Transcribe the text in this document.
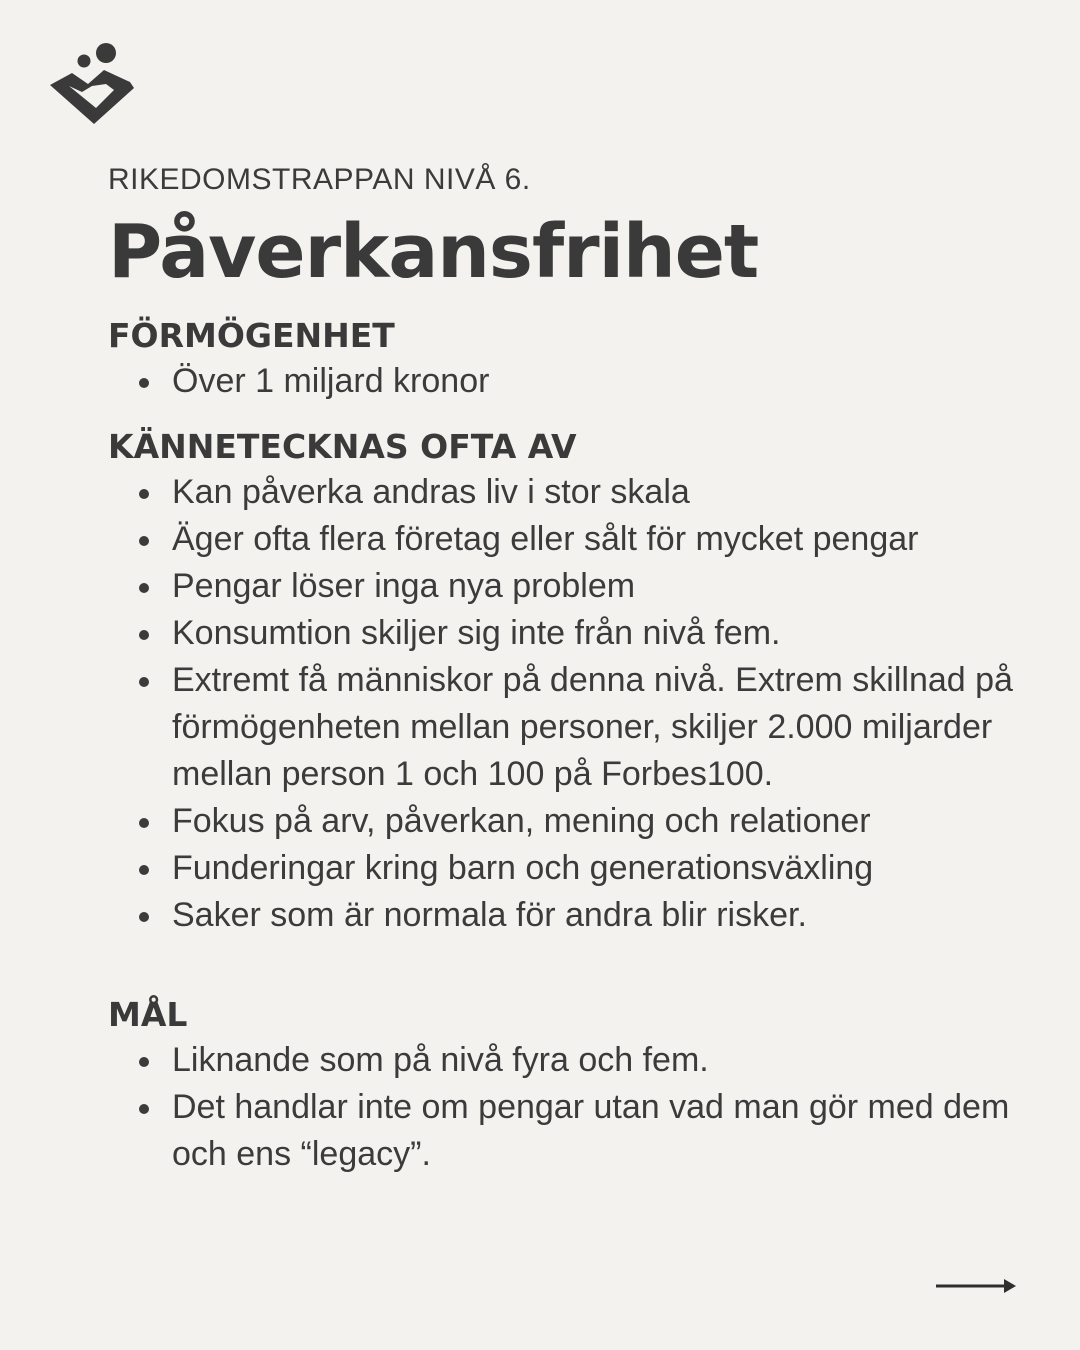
RIKEDOMSTRAPPAN NIVÅ 6.

Påverkansfrihet
FÖRMÖGENHET
Över 1 miljard kronor
KÄNNETECKNAS OFTA AV
Kan påverka andras liv i stor skala
Äger ofta flera företag eller sålt för mycket pengar
Pengar löser inga nya problem
Konsumtion skiljer sig inte från nivå fem.
Extremt få människor på denna nivå. Extrem skillnad på förmögenheten mellan personer, skiljer 2.000 miljarder mellan person 1 och 100 på Forbes100.
Fokus på arv, påverkan, mening och relationer
Funderingar kring barn och generationsväxling
Saker som är normala för andra blir risker.
MÅL
Liknande som på nivå fyra och fem.
Det handlar inte om pengar utan vad man gör med dem och ens “legacy”.
